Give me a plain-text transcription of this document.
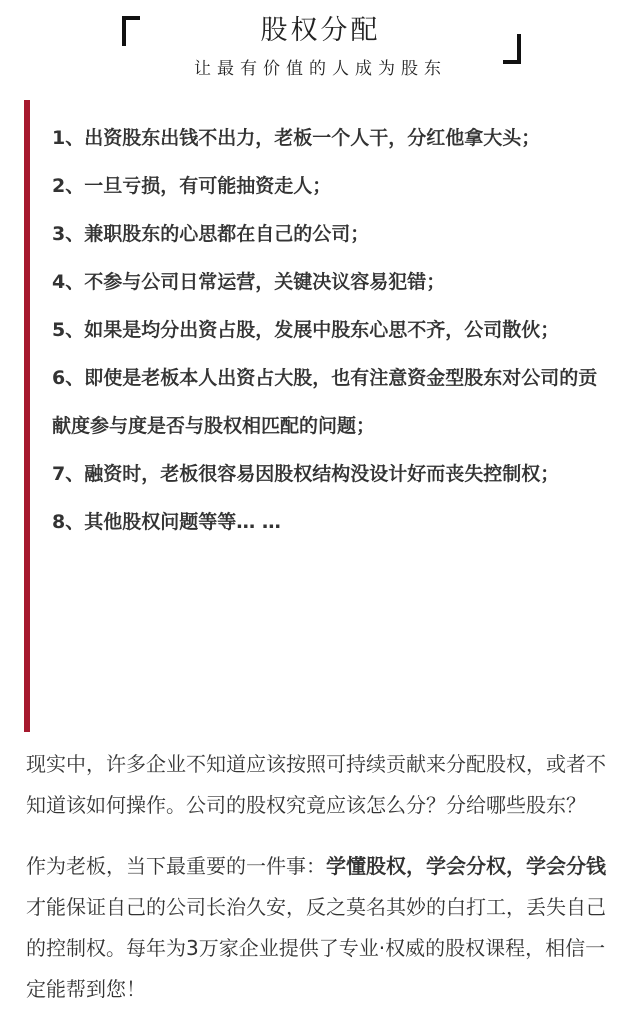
股权分配
让最有价值的人成为股东

1、出资股东出钱不出力，老板一个人干，分红他拿大头；

2、一旦亏损，有可能抽资走人；

3、兼职股东的心思都在自己的公司；

4、不参与公司日常运营，关键决议容易犯错；

5、如果是均分出资占股，发展中股东心思不齐，公司散伙；

6、即使是老板本人出资占大股，也有注意资金型股东对公司的贡献度参与度是否与股权相匹配的问题；

7、融资时，老板很容易因股权结构没设计好而丧失控制权；

8、其他股权问题等等… …

现实中，许多企业不知道应该按照可持续贡献来分配股权，或者不知道该如何操作。公司的股权究竟应该怎么分？分给哪些股东？

作为老板，当下最重要的一件事：学懂股权，学会分权，学会分钱才能保证自己的公司长治久安，反之莫名其妙的白打工，丢失自己的控制权。每年为3万家企业提供了专业·权威的股权课程，相信一定能帮到您！
